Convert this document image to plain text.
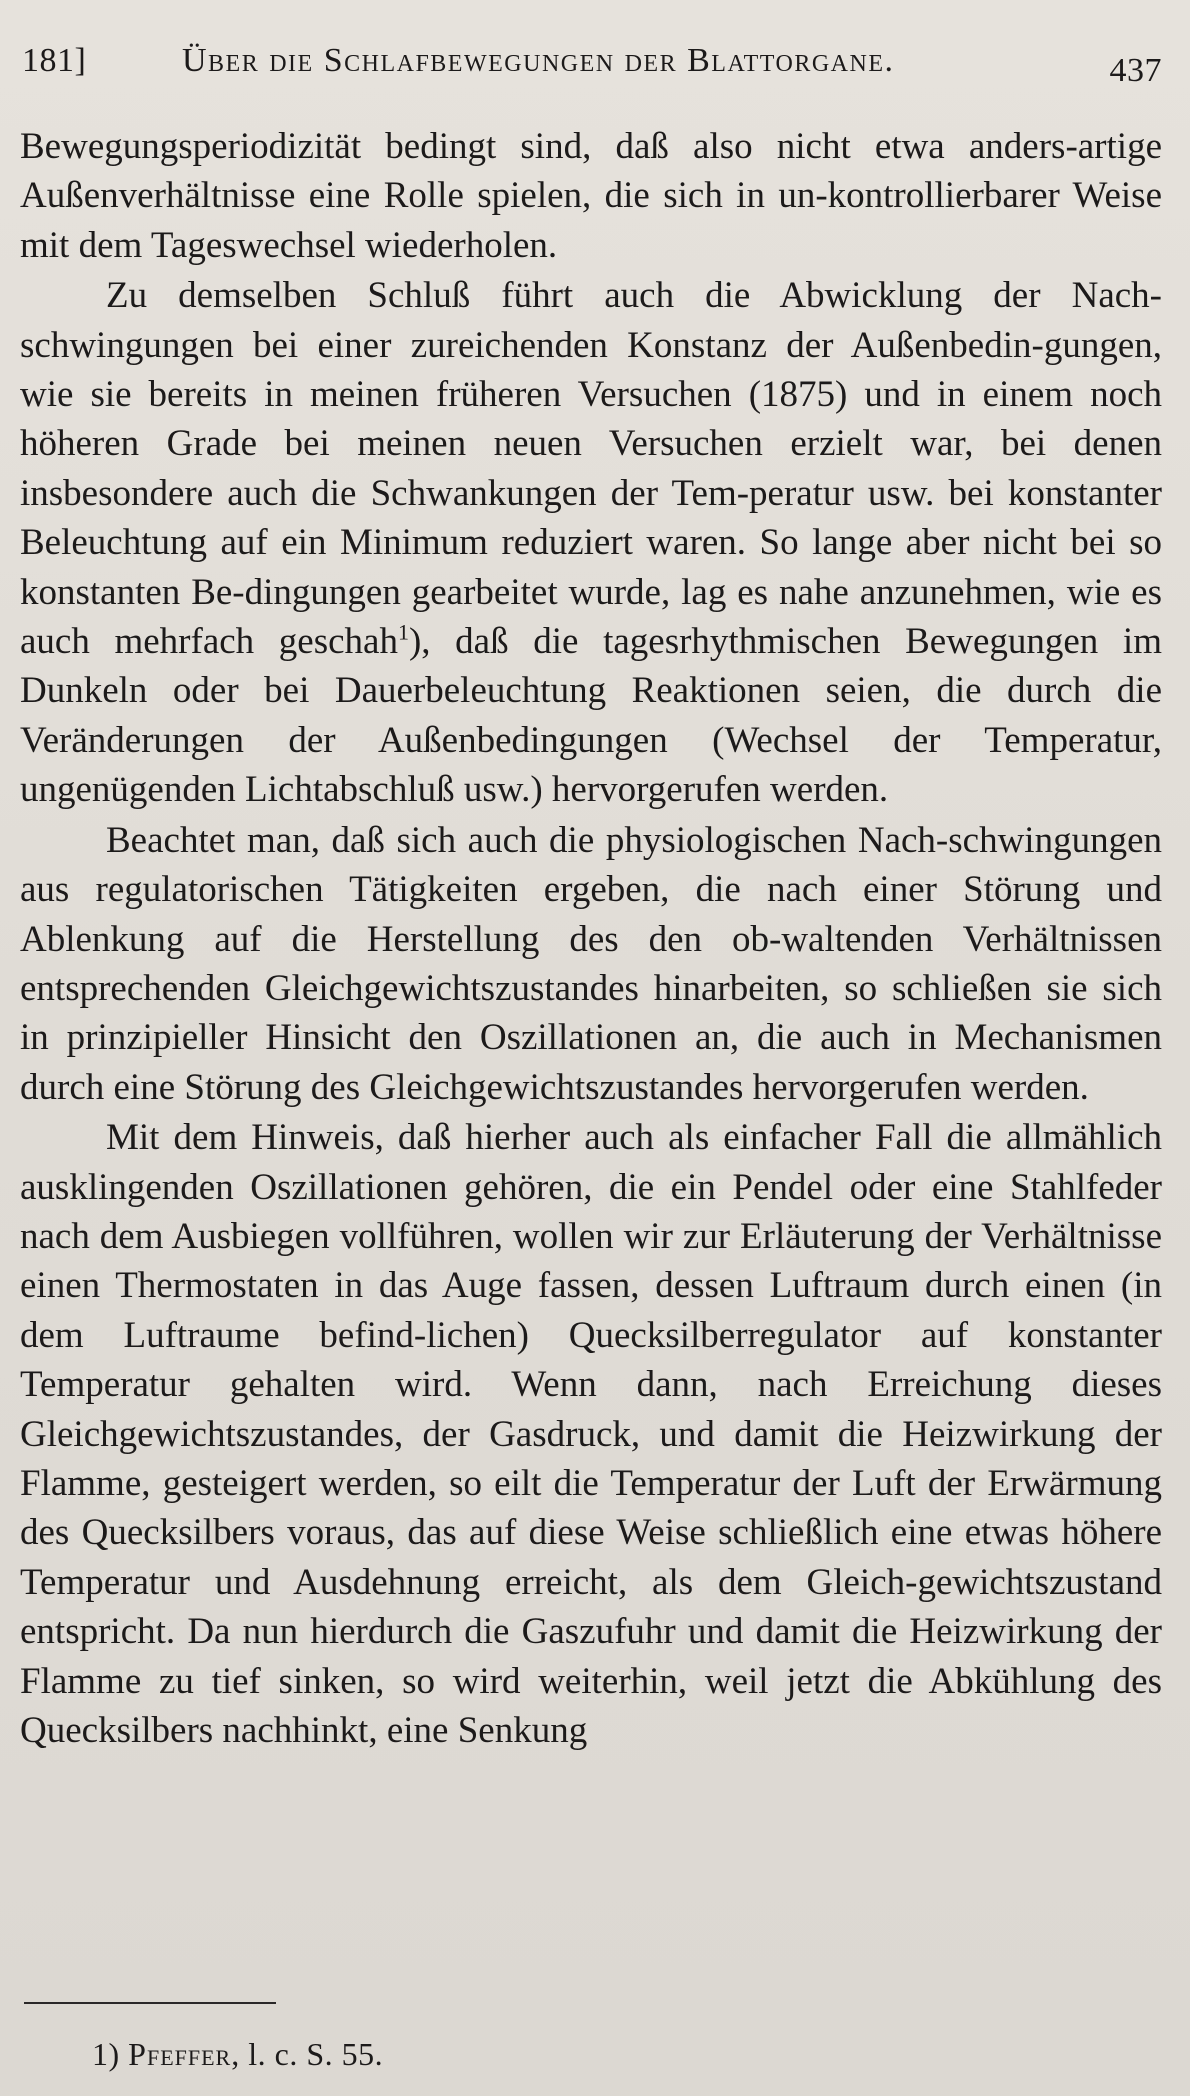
181]	Über die Schlafbewegungen der Blattorgane.	437

Bewegungsperiodizität bedingt sind, daß also nicht etwa anders-artige Außenverhältnisse eine Rolle spielen, die sich in un-kontrollierbarer Weise mit dem Tageswechsel wiederholen.

Zu demselben Schluß führt auch die Abwicklung der Nach-schwingungen bei einer zureichenden Konstanz der Außenbedin-gungen, wie sie bereits in meinen früheren Versuchen (1875) und in einem noch höheren Grade bei meinen neuen Versuchen erzielt war, bei denen insbesondere auch die Schwankungen der Tem-peratur usw. bei konstanter Beleuchtung auf ein Minimum reduziert waren. So lange aber nicht bei so konstanten Be-dingungen gearbeitet wurde, lag es nahe anzunehmen, wie es auch mehrfach geschah$^1$), daß die tagesrhythmischen Bewegungen im Dunkeln oder bei Dauerbeleuchtung Reaktionen seien, die durch die Veränderungen der Außenbedingungen (Wechsel der Temperatur, ungenügenden Lichtabschluß usw.) hervorgerufen werden.

Beachtet man, daß sich auch die physiologischen Nach-schwingungen aus regulatorischen Tätigkeiten ergeben, die nach einer Störung und Ablenkung auf die Herstellung des den ob-waltenden Verhältnissen entsprechenden Gleichgewichtszustandes hinarbeiten, so schließen sie sich in prinzipieller Hinsicht den Oszillationen an, die auch in Mechanismen durch eine Störung des Gleichgewichtszustandes hervorgerufen werden.

Mit dem Hinweis, daß hierher auch als einfacher Fall die allmählich ausklingenden Oszillationen gehören, die ein Pendel oder eine Stahlfeder nach dem Ausbiegen vollführen, wollen wir zur Erläuterung der Verhältnisse einen Thermostaten in das Auge fassen, dessen Luftraum durch einen (in dem Luftraume befind-lichen) Quecksilberregulator auf konstanter Temperatur gehalten wird. Wenn dann, nach Erreichung dieses Gleichgewichtszustandes, der Gasdruck, und damit die Heizwirkung der Flamme, gesteigert werden, so eilt die Temperatur der Luft der Erwärmung des Quecksilbers voraus, das auf diese Weise schließlich eine etwas höhere Temperatur und Ausdehnung erreicht, als dem Gleich-gewichtszustand entspricht. Da nun hierdurch die Gaszufuhr und damit die Heizwirkung der Flamme zu tief sinken, so wird weiterhin, weil jetzt die Abkühlung des Quecksilbers nachhinkt, eine Senkung

1) Pfeffer, l. c. S. 55.
